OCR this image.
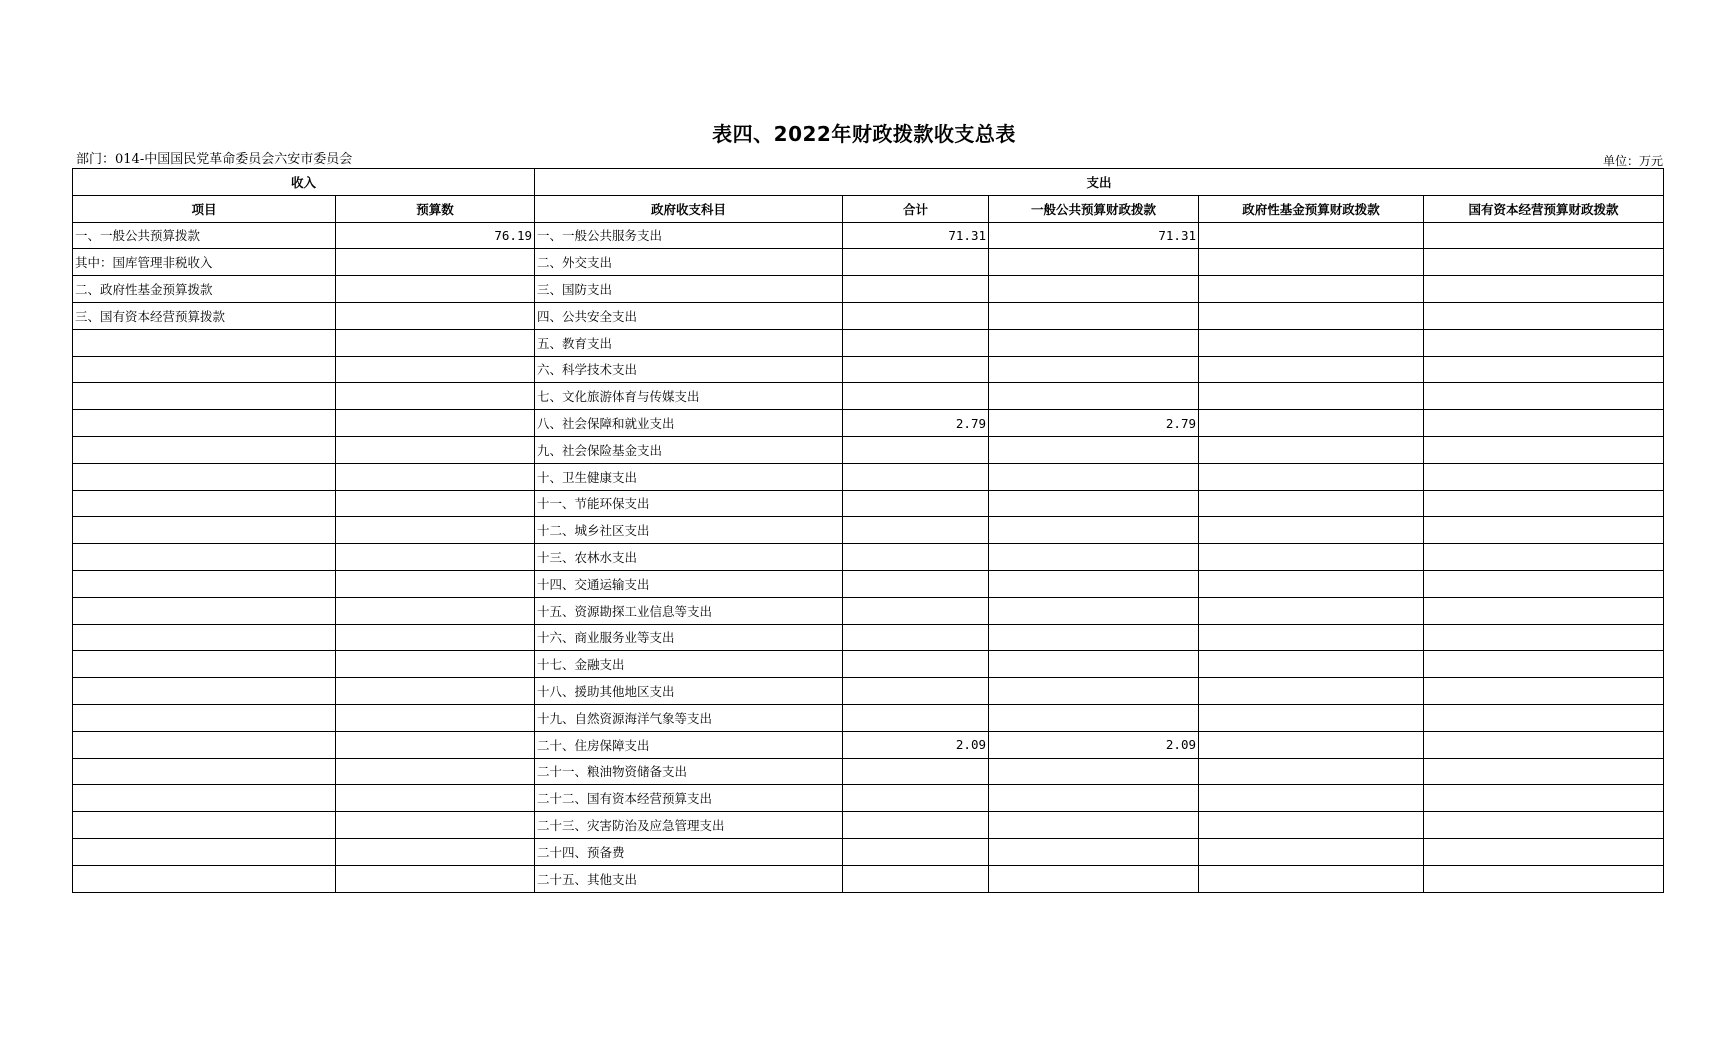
表四、2022年财政拨款收支总表
部门：014-中国国民党革命委员会六安市委员会	单位：万元
收入		支出				
项目	预算数	政府收支科目	合计	一般公共预算财政拨款	政府性基金预算财政拨款	国有资本经营预算财政拨款
一、一般公共预算拨款	76.19	一、一般公共服务支出	71.31	71.31		
其中：国库管理非税收入		二、外交支出				
二、政府性基金预算拨款		三、国防支出				
三、国有资本经营预算拨款		四、公共安全支出				
		五、教育支出				
		六、科学技术支出				
		七、文化旅游体育与传媒支出				
		八、社会保障和就业支出	2.79	2.79		
		九、社会保险基金支出				
		十、卫生健康支出				
		十一、节能环保支出				
		十二、城乡社区支出				
		十三、农林水支出				
		十四、交通运输支出				
		十五、资源勘探工业信息等支出				
		十六、商业服务业等支出				
		十七、金融支出				
		十八、援助其他地区支出				
		十九、自然资源海洋气象等支出				
		二十、住房保障支出	2.09	2.09		
		二十一、粮油物资储备支出				
		二十二、国有资本经营预算支出				
		二十三、灾害防治及应急管理支出				
		二十四、预备费				
		二十五、其他支出				
